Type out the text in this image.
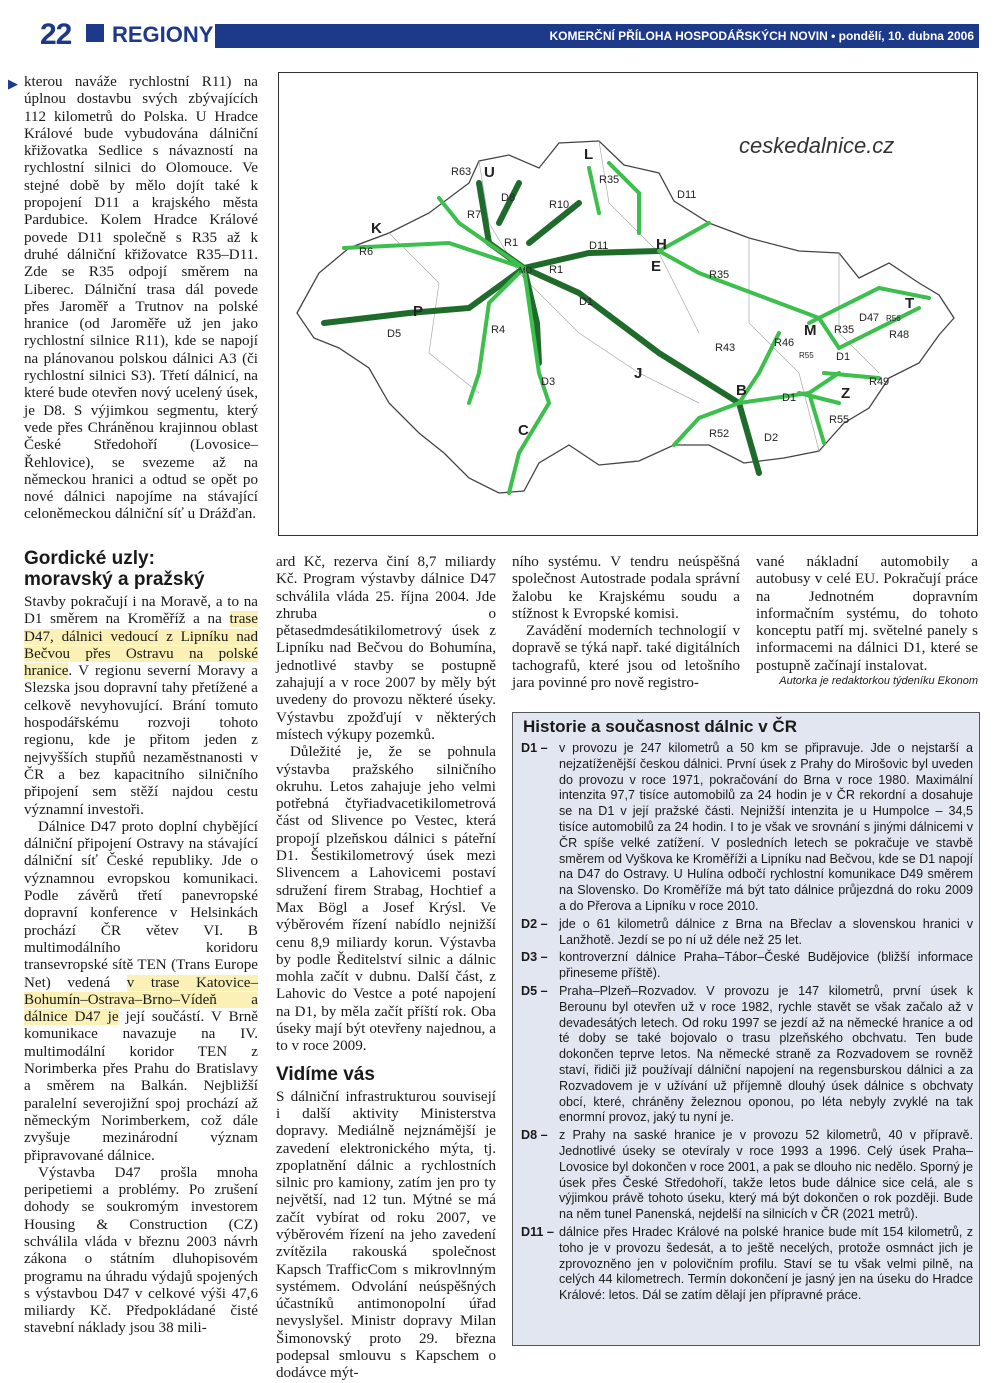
22 REGIONY	KOMERČNÍ PŘÍLOHA HOSPODÁŘSKÝCH NOVIN • pondělí, 10. dubna 2006
▶ kterou naváže rychlostní R11) na úplnou dostavbu svých zbývajících 112 kilometrů do Polska. U Hradce Králové bude vybudována dálniční křižovatka Sedlice s návazností na rychlostní silnici do Olomouce. Ve stejné době by mělo dojít také k propojení D11 a krajského města Pardubice. Kolem Hradce Králové povede D11 společně s R35 až k druhé dálniční křižovatce R35–D11. Zde se R35 odpojí směrem na Liberec. Dálniční trasa dál povede přes Jaroměř a Trutnov na polské hranice (od Jaroměře už jen jako rychlostní silnice R11), kde se napojí na plánovanou polskou dálnici A3 (či rychlostní silnici S3). Třetí dálnicí, na které bude otevřen nový ucelený úsek, je D8. S výjimkou segmentu, který vede přes Chráněnou krajinnou oblast České Středohoří (Lovosice–Řehlovice), se svezeme až na německou hranici a odtud se opět po nové dálnici napojíme na stávající celoněmeckou dálniční síť u Drážďan.

R63
D8
R10
R35
D11
R7
R6
R1	D11
R1
MO	R35
D1
D5	R4
R43
D3
R46
R55
R35
D47 R56
R48
D1
R49
D1
R55
R52	D2
U
L
K
H
E
P
J
C
B
M
T
Z
ceskedalnice.cz
Gordické uzly:
moravský a pražský

Stavby pokračují i na Moravě, a to na D1 směrem na Kroměříž a na trase D47, dálnici vedoucí z Lipníku nad Bečvou přes Ostravu na polské hranice. V regionu severní Moravy a Slezska jsou dopravní tahy přetížené a celkově nevyhovující. Brání tomuto hospodářskému rozvoji tohoto regionu, kde je přitom jeden z nejvyšších stupňů nezaměstnanosti v ČR a bez kapacitního silničního připojení sem stěží najdou cestu významní investoři.

Dálnice D47 proto doplní chybějící dálniční připojení Ostravy na stávající dálniční síť České republiky. Jde o významnou evropskou komunikaci. Podle závěrů třetí panevropské dopravní konference v Helsinkách prochází ČR větev VI. B multimodálního koridoru transevropské sítě TEN (Trans Europe Net) vedená v trase Katovice–Bohumín–Ostrava–Brno–Vídeň a dálnice D47 je její součástí. V Brně komunikace navazuje na IV. multimodální koridor TEN z Norimberka přes Prahu do Bratislavy a směrem na Balkán. Nejbližší paralelní severojižní spoj prochází až německým Norimberkem, což dále zvyšuje mezinárodní význam připravované dálnice.

Výstavba D47 prošla mnoha peripetiemi a problémy. Po zrušení dohody se soukromým investorem Housing & Construction (CZ) schválila vláda v březnu 2003 návrh zákona o státním dluhopisovém programu na úhradu výdajů spojených s výstavbou D47 v celkové výši 47,6 miliardy Kč. Předpokládané čisté stavební náklady jsou 38 mili-

ard Kč, rezerva činí 8,7 miliardy Kč. Program výstavby dálnice D47 schválila vláda 25. října 2004. Jde zhruba o pětasedmdesátikilometrový úsek z Lipníku nad Bečvou do Bohumína, jednotlivé stavby se postupně zahajují a v roce 2007 by měly být uvedeny do provozu některé úseky. Výstavbu zpožďují v některých místech výkupy pozemků.

Důležité je, že se pohnula výstavba pražského silničního okruhu. Letos zahajuje jeho velmi potřebná čtyřiadvacetikilometrová část od Slivence po Vestec, která propojí plzeňskou dálnici s páteřní D1. Šestikilometrový úsek mezi Slivencem a Lahovicemi postaví sdružení firem Strabag, Hochtief a Max Bögl a Josef Krýsl. Ve výběrovém řízení nabídlo nejnižší cenu 8,9 miliardy korun. Výstavba by podle Ředitelství silnic a dálnic mohla začít v dubnu. Další část, z Lahovic do Vestce a poté napojení na D1, by měla začít příští rok. Oba úseky mají být otevřeny najednou, a to v roce 2009.

Vidíme vás

S dálniční infrastrukturou souvisejí i další aktivity Ministerstva dopravy. Mediálně nejznámější je zavedení elektronického mýta, tj. zpoplatnění dálnic a rychlostních silnic pro kamiony, zatím jen pro ty největší, nad 12 tun. Mýtné se má začít vybírat od roku 2007, ve výběrovém řízení na jeho zavedení zvítězila rakouská společnost Kapsch TrafficCom s mikrovlnným systémem. Odvolání neúspěšných účastníků antimonopolní úřad nevyslyšel. Ministr dopravy Milan Šimonovský proto 29. března podepsal smlouvu s Kapschem o dodávce mýt-

ního systému. V tendru neúspěšná společnost Autostrade podala správní žalobu ke Krajskému soudu a stížnost k Evropské komisi.

Zavádění moderních technologií v dopravě se týká např. také digitálních tachografů, které jsou od letošního jara povinné pro nově registro-

vané nákladní automobily a autobusy v celé EU. Pokračují práce na Jednotném dopravním informačním systému, do tohoto konceptu patří mj. světelné panely s informacemi na dálnici D1, které se postupně začínají instalovat.

Autorka je redaktorkou týdeníku Ekonom
Historie a současnost dálnic v ČR
D1 – v provozu je 247 kilometrů a 50 km se připravuje. Jde o nejstarší a nejzatíženější českou dálnici. První úsek z Prahy do Mirošovic byl uveden do provozu v roce 1971, pokračování do Brna v roce 1980. Maximální intenzita 97,7 tisíce automobilů za 24 hodin je v ČR rekordní a dosahuje se na D1 v její pražské části. Nejnižší intenzita je u Humpolce – 34,5 tisíce automobilů za 24 hodin. I to je však ve srovnání s jinými dálnicemi v ČR spíše velké zatížení. V posledních letech se pokračuje ve stavbě směrem od Vyškova ke Kroměříži a Lipníku nad Bečvou, kde se D1 napojí na D47 do Ostravy. U Hulína odbočí rychlostní komunikace D49 směrem na Slovensko. Do Kroměříže má být tato dálnice průjezdná do roku 2009 a do Přerova a Lipníku v roce 2010.
D2 – jde o 61 kilometrů dálnice z Brna na Břeclav a slovenskou hranici v Lanžhotě. Jezdí se po ní už déle než 25 let.
D3 – kontroverzní dálnice Praha–Tábor–České Budějovice (bližší informace přineseme příště).
D5 – Praha–Plzeň–Rozvadov. V provozu je 147 kilometrů, první úsek k Berounu byl otevřen už v roce 1982, rychle stavět se však začalo až v devadesátých letech. Od roku 1997 se jezdí až na německé hranice a od té doby se také bojovalo o trasu plzeňského obchvatu. Ten bude dokončen teprve letos. Na německé straně za Rozvadovem se rovněž staví, řidiči již používají dálniční napojení na regensburskou dálnici a za Rozvadovem je v užívání už příjemně dlouhý úsek dálnice s obchvaty obcí, které, chráněny železnou oponou, po léta nebyly zvyklé na tak enormní provoz, jaký tu nyní je.
D8 – z Prahy na saské hranice je v provozu 52 kilometrů, 40 v přípravě. Jednotlivé úseky se otevíraly v roce 1993 a 1996. Celý úsek Praha–Lovosice byl dokončen v roce 2001, a pak se dlouho nic nedělo. Sporný je úsek přes České Středohoří, takže letos bude dálnice sice celá, ale s výjimkou právě tohoto úseku, který má být dokončen o rok později. Bude na něm tunel Panenská, nejdelší na silnicích v ČR (2021 metrů).
D11 – dálnice přes Hradec Králové na polské hranice bude mít 154 kilometrů, z toho je v provozu šedesát, a to ještě necelých, protože osmnáct jich je zprovozněno jen v polovičním profilu. Staví se tu však velmi pilně, na celých 44 kilometrech. Termín dokončení je jasný jen na úseku do Hradce Králové: letos. Dál se zatím dělají jen přípravné práce.
